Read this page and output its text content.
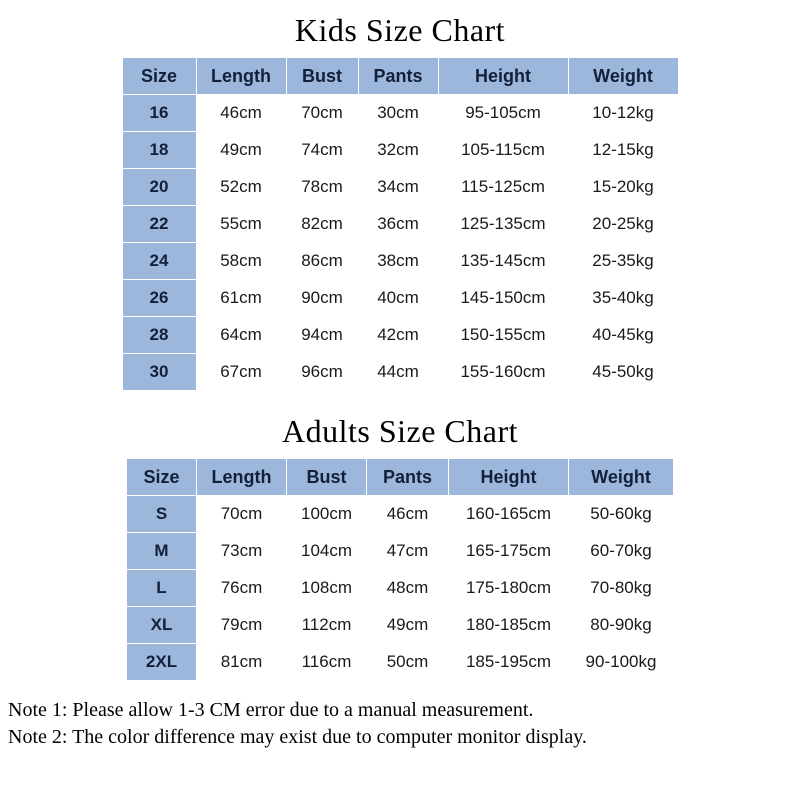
Kids Size Chart
Size	Length	Bust	Pants	Height	Weight
16	46cm	70cm	30cm	95-105cm	10-12kg
18	49cm	74cm	32cm	105-115cm	12-15kg
20	52cm	78cm	34cm	115-125cm	15-20kg
22	55cm	82cm	36cm	125-135cm	20-25kg
24	58cm	86cm	38cm	135-145cm	25-35kg
26	61cm	90cm	40cm	145-150cm	35-40kg
28	64cm	94cm	42cm	150-155cm	40-45kg
30	67cm	96cm	44cm	155-160cm	45-50kg
Adults Size Chart
Size	Length	Bust	Pants	Height	Weight
S	70cm	100cm	46cm	160-165cm	50-60kg
M	73cm	104cm	47cm	165-175cm	60-70kg
L	76cm	108cm	48cm	175-180cm	70-80kg
XL	79cm	112cm	49cm	180-185cm	80-90kg
2XL	81cm	116cm	50cm	185-195cm	90-100kg
Note 1: Please allow 1-3 CM error due to a manual measurement.
Note 2: The color difference may exist due to computer monitor display.
